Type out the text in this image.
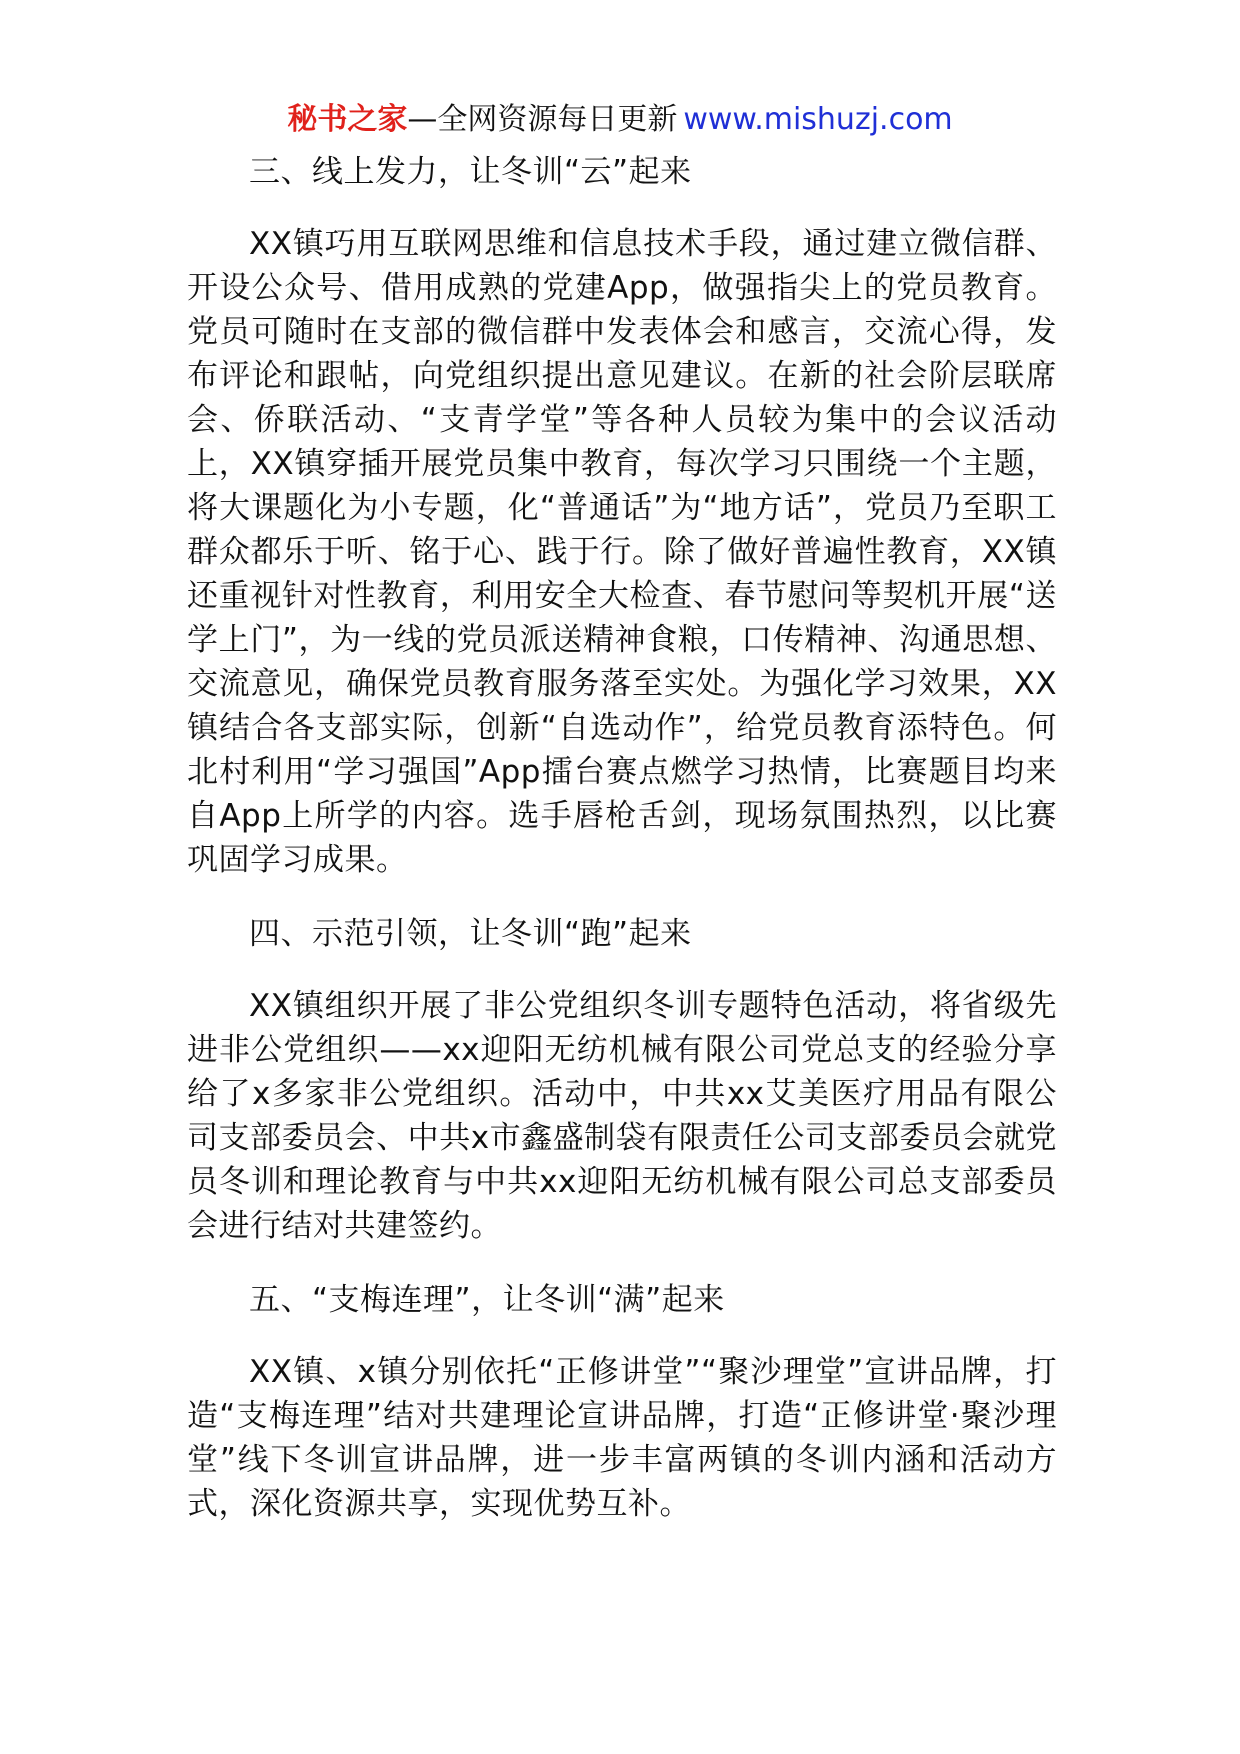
秘书之家—全网资源每日更新 www.mishuzj.com

三、线上发力，让冬训“云”起来

XX镇巧用互联网思维和信息技术手段，通过建立微信群、开设公众号、借用成熟的党建App，做强指尖上的党员教育。党员可随时在支部的微信群中发表体会和感言，交流心得，发布评论和跟帖，向党组织提出意见建议。在新的社会阶层联席会、侨联活动、“支青学堂”等各种人员较为集中的会议活动上，XX镇穿插开展党员集中教育，每次学习只围绕一个主题，将大课题化为小专题，化“普通话”为“地方话”，党员乃至职工群众都乐于听、铭于心、践于行。除了做好普遍性教育，XX镇还重视针对性教育，利用安全大检查、春节慰问等契机开展“送学上门”，为一线的党员派送精神食粮，口传精神、沟通思想、交流意见，确保党员教育服务落至实处。为强化学习效果，XX镇结合各支部实际，创新“自选动作”，给党员教育添特色。何北村利用“学习强国”App擂台赛点燃学习热情，比赛题目均来自App上所学的内容。选手唇枪舌剑，现场氛围热烈，以比赛巩固学习成果。

四、示范引领，让冬训“跑”起来

XX镇组织开展了非公党组织冬训专题特色活动，将省级先进非公党组织——xx迎阳无纺机械有限公司党总支的经验分享给了x多家非公党组织。活动中，中共xx艾美医疗用品有限公司支部委员会、中共x市鑫盛制袋有限责任公司支部委员会就党员冬训和理论教育与中共xx迎阳无纺机械有限公司总支部委员会进行结对共建签约。

五、“支梅连理”，让冬训“满”起来

XX镇、x镇分别依托“正修讲堂”“聚沙理堂”宣讲品牌，打造“支梅连理”结对共建理论宣讲品牌，打造“正修讲堂·聚沙理堂”线下冬训宣讲品牌，进一步丰富两镇的冬训内涵和活动方式，深化资源共享，实现优势互补。
